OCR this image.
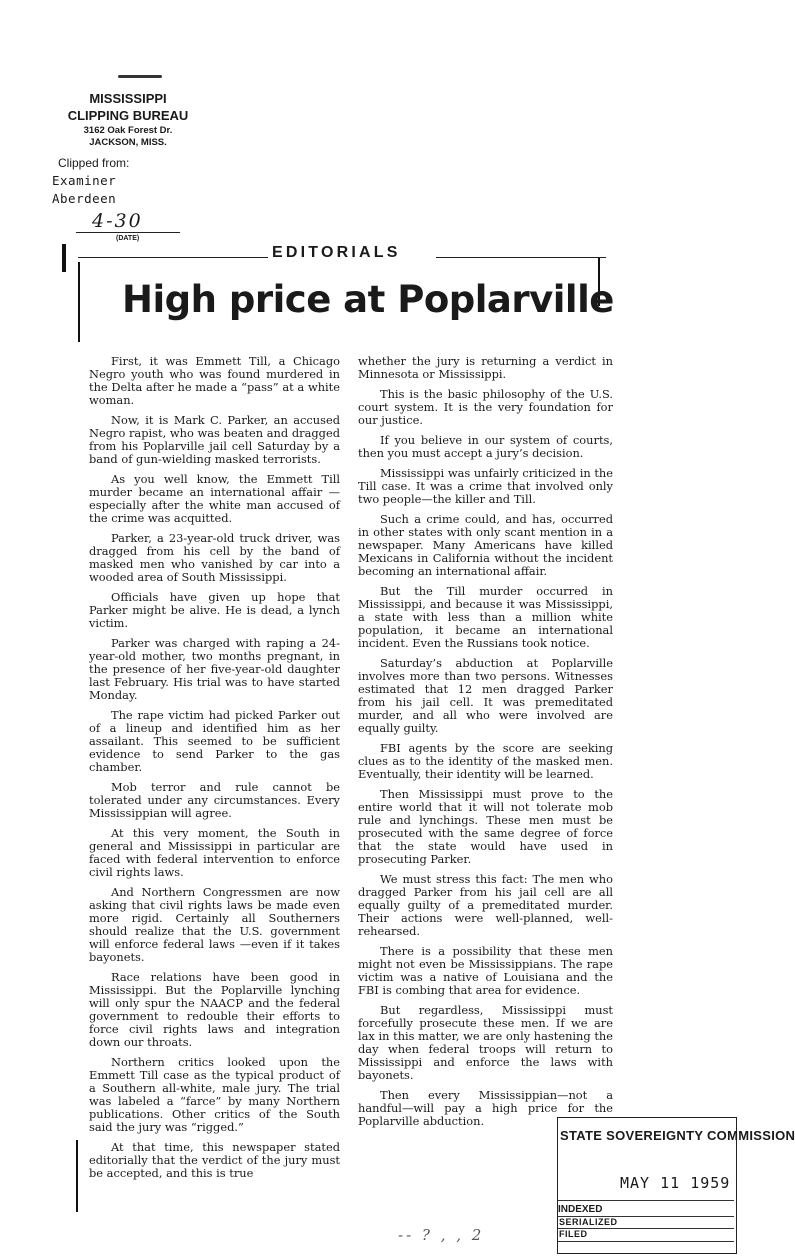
MISSISSIPPI
CLIPPING BUREAU
3162 Oak Forest Dr.
JACKSON, MISS.
Clipped from:
Examiner
Aberdeen
4-30
(DATE)
EDITORIALS
High price at Poplarville

First, it was Emmett Till, a Chicago Negro youth who was found murdered in the Delta after he made a “pass” at a white woman.

Now, it is Mark C. Parker, an accused Negro rapist, who was beaten and dragged from his Poplarville jail cell Saturday by a band of gun-wielding masked terrorists.

As you well know, the Emmett Till murder became an international affair —especially after the white man accused of the crime was acquitted.

Parker, a 23-year-old truck driver, was dragged from his cell by the band of masked men who vanished by car into a wooded area of South Mississippi.

Officials have given up hope that Parker might be alive. He is dead, a lynch victim.

Parker was charged with raping a 24-year-old mother, two months pregnant, in the presence of her five-year-old daughter last February. His trial was to have started Monday.

The rape victim had picked Parker out of a lineup and identified him as her assailant. This seemed to be sufficient evidence to send Parker to the gas chamber.

Mob terror and rule cannot be tolerated under any circumstances. Every Mississippian will agree.

At this very moment, the South in general and Mississippi in particular are faced with federal intervention to enforce civil rights laws.

And Northern Congressmen are now asking that civil rights laws be made even more rigid. Certainly all Southerners should realize that the U.S. government will enforce federal laws —even if it takes bayonets.

Race relations have been good in Mississippi. But the Poplarville lynching will only spur the NAACP and the federal government to redouble their efforts to force civil rights laws and integration down our throats.

Northern critics looked upon the Emmett Till case as the typical product of a Southern all-white, male jury. The trial was labeled a “farce” by many Northern publications. Other critics of the South said the jury was “rigged.”

At that time, this newspaper stated editorially that the verdict of the jury must be accepted, and this is true

whether the jury is returning a verdict in Minnesota or Mississippi.

This is the basic philosophy of the U.S. court system. It is the very foundation for our justice.

If you believe in our system of courts, then you must accept a jury’s decision.

Mississippi was unfairly criticized in the Till case. It was a crime that involved only two people—the killer and Till.

Such a crime could, and has, occurred in other states with only scant mention in a newspaper. Many Americans have killed Mexicans in California without the incident becoming an international affair.

But the Till murder occurred in Mississippi, and because it was Mississippi, a state with less than a million white population, it became an international incident. Even the Russians took notice.

Saturday’s abduction at Poplarville involves more than two persons. Witnesses estimated that 12 men dragged Parker from his jail cell. It was premeditated murder, and all who were involved are equally guilty.

FBI agents by the score are seeking clues as to the identity of the masked men. Eventually, their identity will be learned.

Then Mississippi must prove to the entire world that it will not tolerate mob rule and lynchings. These men must be prosecuted with the same degree of force that the state would have used in prosecuting Parker.

We must stress this fact: The men who dragged Parker from his jail cell are all equally guilty of a premeditated murder. Their actions were well-planned, well-rehearsed.

There is a possibility that these men might not even be Mississippians. The rape victim was a native of Louisiana and the FBI is combing that area for evidence.

But regardless, Mississippi must forcefully prosecute these men. If we are lax in this matter, we are only hastening the day when federal troops will return to Mississippi and enforce the laws with bayonets.

Then every Mississippian—not a handful—will pay a high price for the Poplarville abduction.

STATE SOVEREIGNTY COMMISSION
MAY 11 1959
INDEXED
SERIALIZED
FILED
-- ? , , 2
